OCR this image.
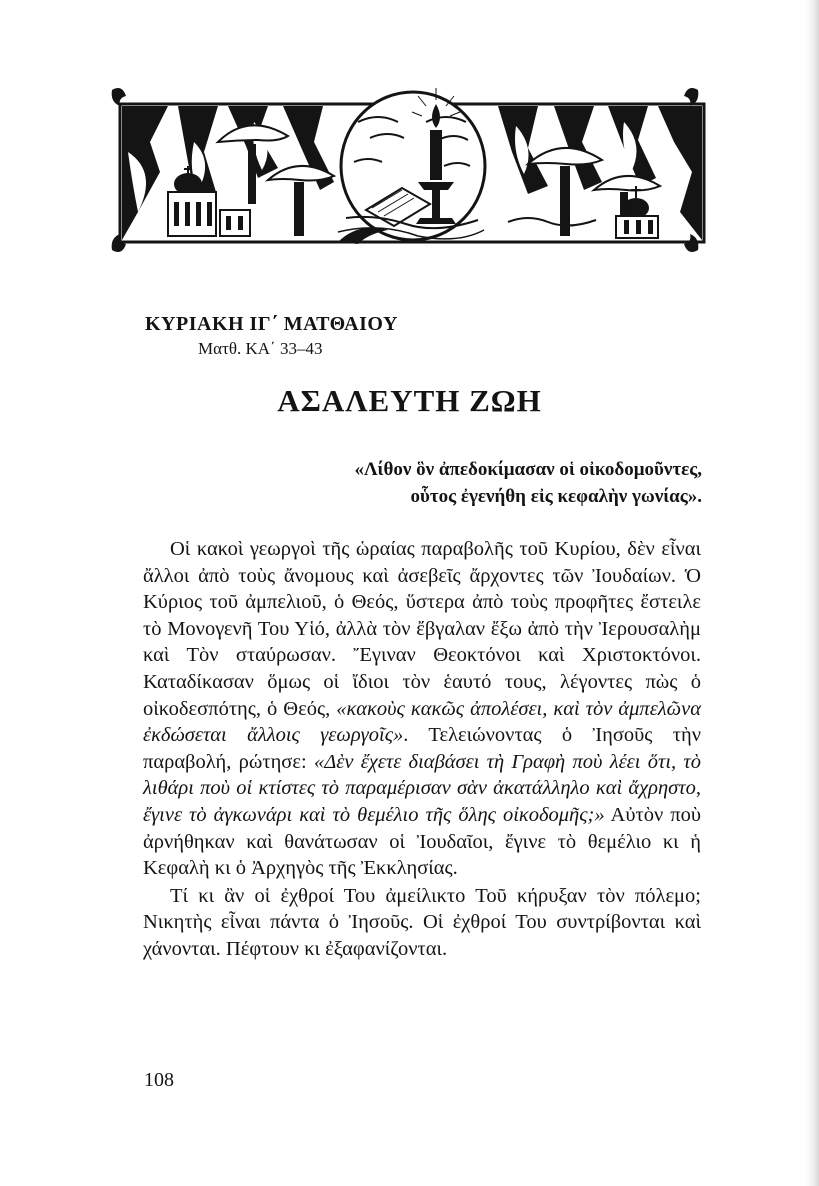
ΚΥΡΙΑΚΗ ΙΓ΄ ΜΑΤΘΑΙΟΥ
Ματθ. ΚΑ΄ 33–43
ΑΣΑΛΕΥΤΗ ΖΩΗ
«Λίθον ὃν ἀπεδοκίμασαν οἱ οἰκοδομοῦντες,
οὗτος ἐγενήθη εἰς κεφαλὴν γωνίας».

Οἱ κακοὶ γεωργοὶ τῆς ὡραίας παραβολῆς τοῦ Κυρίου, δὲν εἶναι ἄλλοι ἀπὸ τοὺς ἄνομους καὶ ἀσεβεῖς ἄρχοντες τῶν Ἰουδαίων. Ὁ Κύριος τοῦ ἀμπελιοῦ, ὁ Θεός, ὕστερα ἀπὸ τοὺς προφῆτες ἔστειλε τὸ Μονογενῆ Του Υἱό, ἀλλὰ τὸν ἔβγαλαν ἔξω ἀπὸ τὴν Ἰερουσαλὴμ καὶ Τὸν σταύρωσαν. Ἔγιναν Θεοκτόνοι καὶ Χριστοκτόνοι. Καταδίκασαν ὅμως οἱ ἴδιοι τὸν ἑαυτό τους, λέγοντες πὼς ὁ οἰκοδεσπότης, ὁ Θεός, «κακοὺς κακῶς ἀπολέσει, καὶ τὸν ἀμπελῶνα ἐκδώσεται ἄλλοις γεωργοῖς». Τελειώνοντας ὁ Ἰησοῦς τὴν παραβολή, ρώτησε: «Δὲν ἔχετε διαβάσει τὴ Γραφὴ ποὺ λέει ὅτι, τὸ λιθάρι ποὺ οἱ κτίστες τὸ παραμέρισαν σὰν ἀκατάλληλο καὶ ἄχρηστο, ἔγινε τὸ ἀγκωνάρι καὶ τὸ θεμέλιο τῆς ὅλης οἰκοδομῆς;» Αὐτὸν ποὺ ἀρνήθηκαν καὶ θανάτωσαν οἱ Ἰουδαῖοι, ἔγινε τὸ θεμέλιο κι ἡ Κεφαλὴ κι ὁ Ἀρχηγὸς τῆς Ἐκκλησίας.

Τί κι ἂν οἱ ἐχθροί Του ἀμείλικτο Τοῦ κήρυξαν τὸν πόλεμο; Νικητὴς εἶναι πάντα ὁ Ἰησοῦς. Οἱ ἐχθροί Του συντρίβονται καὶ χάνονται. Πέφτουν κι ἐξαφανίζονται.

108
